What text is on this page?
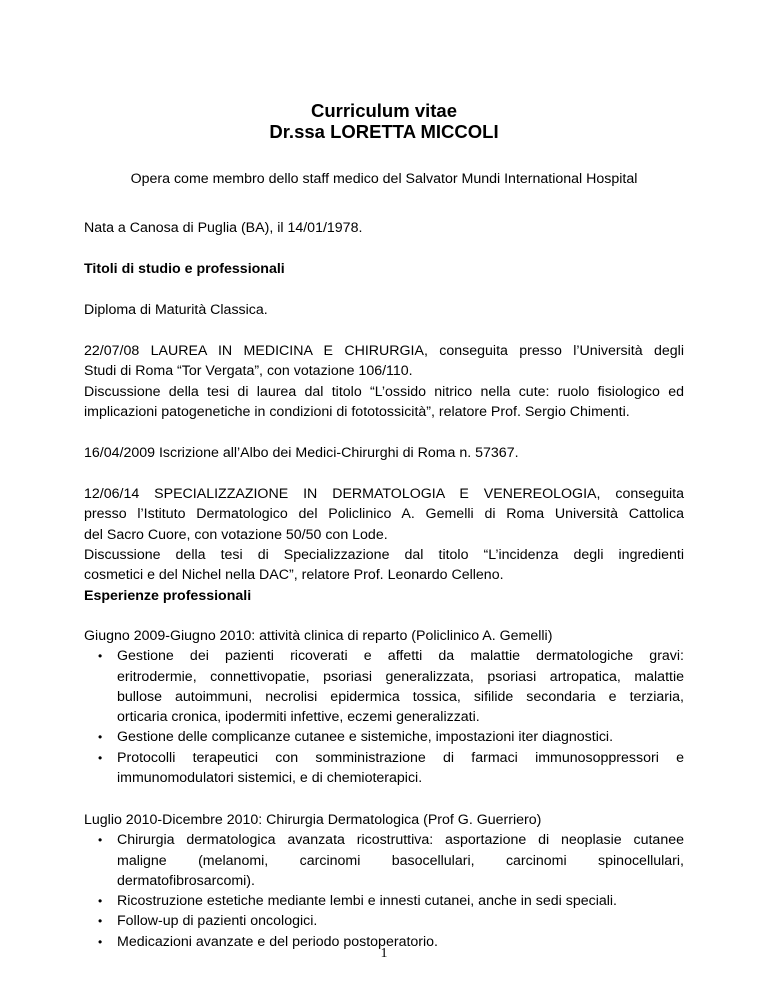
Curriculum vitae
Dr.ssa LORETTA MICCOLI
Opera come membro dello staff medico del Salvator Mundi International Hospital
Nata a Canosa di Puglia (BA), il 14/01/1978.
Titoli di studio e professionali
Diploma di Maturità Classica.
22/07/08 LAUREA IN MEDICINA E CHIRURGIA, conseguita presso l’Università degli
Studi di Roma “Tor Vergata”, con votazione 106/110.
Discussione della tesi di laurea dal titolo “L’ossido nitrico nella cute: ruolo fisiologico ed
implicazioni patogenetiche in condizioni di fototossicità”, relatore Prof. Sergio Chimenti.
16/04/2009 Iscrizione all’Albo dei Medici-Chirurghi di Roma n. 57367.
12/06/14 SPECIALIZZAZIONE IN DERMATOLOGIA E VENEREOLOGIA, conseguita
presso l’Istituto Dermatologico del Policlinico A. Gemelli di Roma Università Cattolica
del Sacro Cuore, con votazione 50/50 con Lode.
Discussione della tesi di Specializzazione dal titolo “L’incidenza degli ingredienti
cosmetici e del Nichel nella DAC”, relatore Prof. Leonardo Celleno.
Esperienze professionali
Giugno 2009-Giugno 2010: attività clinica di reparto (Policlinico A. Gemelli)
• Gestione dei pazienti ricoverati e affetti da malattie dermatologiche gravi:
eritrodermie, connettivopatie, psoriasi generalizzata, psoriasi artropatica, malattie
bullose autoimmuni, necrolisi epidermica tossica, sifilide secondaria e terziaria,
orticaria cronica, ipodermiti infettive, eczemi generalizzati.
• Gestione delle complicanze cutanee e sistemiche, impostazioni iter diagnostici.
• Protocolli terapeutici con somministrazione di farmaci immunosoppressori e
immunomodulatori sistemici, e di chemioterapici.
Luglio 2010-Dicembre 2010: Chirurgia Dermatologica (Prof G. Guerriero)
• Chirurgia dermatologica avanzata ricostruttiva: asportazione di neoplasie cutanee
maligne (melanomi, carcinomi basocellulari, carcinomi spinocellulari,
dermatofibrosarcomi).
• Ricostruzione estetiche mediante lembi e innesti cutanei, anche in sedi speciali.
• Follow-up di pazienti oncologici.
• Medicazioni avanzate e del periodo postoperatorio.
1
